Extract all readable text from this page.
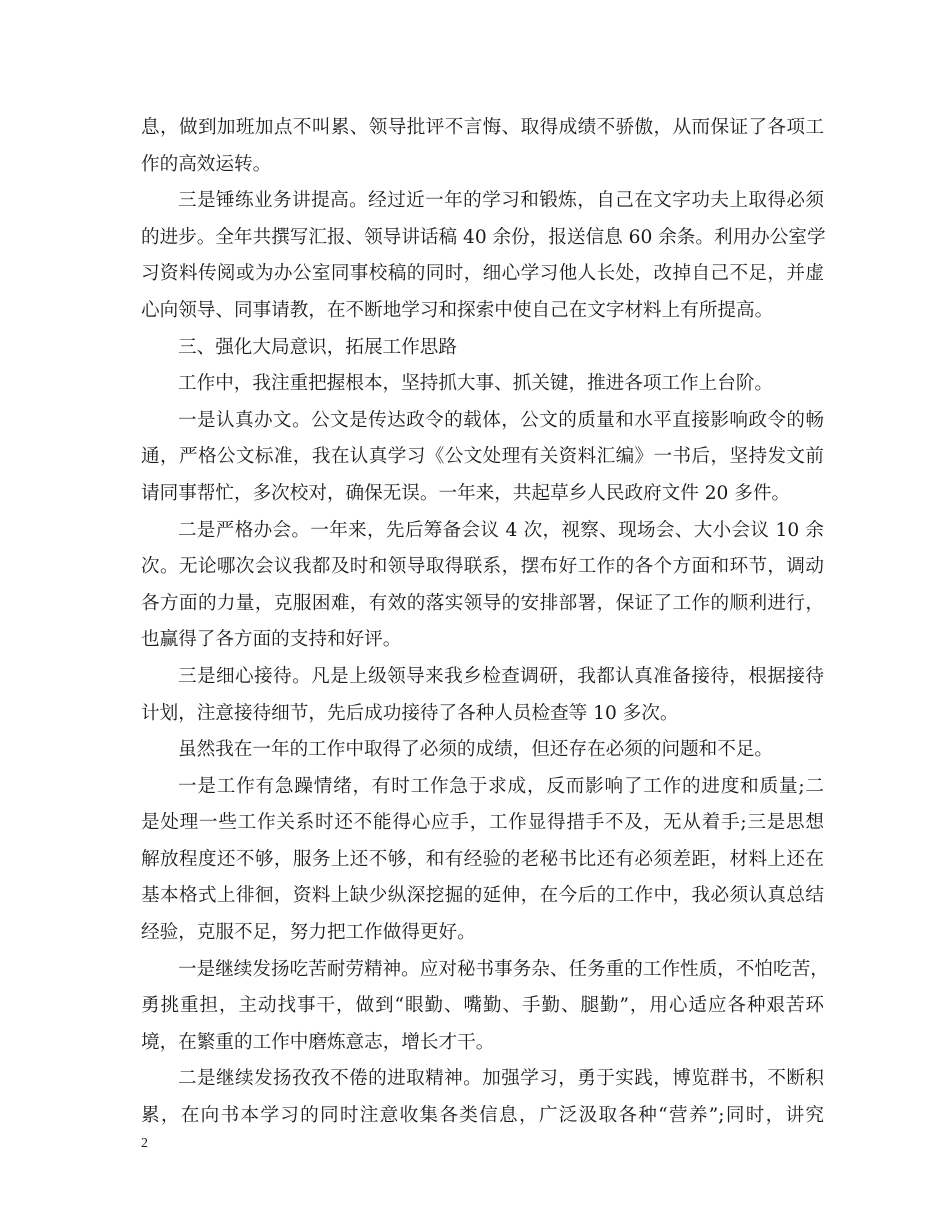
息，做到加班加点不叫累、领导批评不言悔、取得成绩不骄傲，从而保证了各项工

作的高效运转。

三是锤练业务讲提高。经过近一年的学习和锻炼，自己在文字功夫上取得必须

的进步。全年共撰写汇报、领导讲话稿 40 余份，报送信息 60 余条。利用办公室学

习资料传阅或为办公室同事校稿的同时，细心学习他人长处，改掉自己不足，并虚

心向领导、同事请教，在不断地学习和探索中使自己在文字材料上有所提高。

三、强化大局意识，拓展工作思路

工作中，我注重把握根本，坚持抓大事、抓关键，推进各项工作上台阶。

一是认真办文。公文是传达政令的载体，公文的质量和水平直接影响政令的畅

通，严格公文标准，我在认真学习《公文处理有关资料汇编》一书后，坚持发文前

请同事帮忙，多次校对，确保无误。一年来，共起草乡人民政府文件 20 多件。

二是严格办会。一年来，先后筹备会议 4 次，视察、现场会、大小会议 10 余

次。无论哪次会议我都及时和领导取得联系，摆布好工作的各个方面和环节，调动

各方面的力量，克服困难，有效的落实领导的安排部署，保证了工作的顺利进行，

也赢得了各方面的支持和好评。

三是细心接待。凡是上级领导来我乡检查调研，我都认真准备接待，根据接待

计划，注意接待细节，先后成功接待了各种人员检查等 10 多次。

虽然我在一年的工作中取得了必须的成绩，但还存在必须的问题和不足。

一是工作有急躁情绪，有时工作急于求成，反而影响了工作的进度和质量;二

是处理一些工作关系时还不能得心应手，工作显得措手不及，无从着手;三是思想

解放程度还不够，服务上还不够，和有经验的老秘书比还有必须差距，材料上还在

基本格式上徘徊，资料上缺少纵深挖掘的延伸，在今后的工作中，我必须认真总结

经验，克服不足，努力把工作做得更好。

一是继续发扬吃苦耐劳精神。应对秘书事务杂、任务重的工作性质，不怕吃苦，

勇挑重担，主动找事干，做到“眼勤、嘴勤、手勤、腿勤”，用心适应各种艰苦环

境，在繁重的工作中磨炼意志，增长才干。

二是继续发扬孜孜不倦的进取精神。加强学习，勇于实践，博览群书，不断积

累，在向书本学习的同时注意收集各类信息，广泛汲取各种“营养”;同时，讲究

2
